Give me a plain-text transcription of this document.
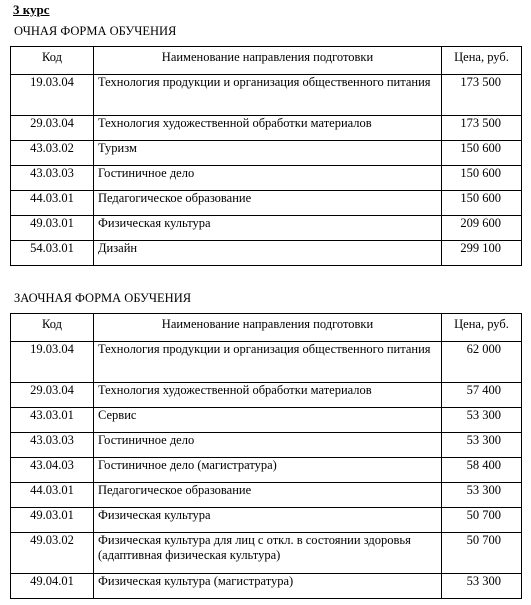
3 курс
ОЧНАЯ ФОРМА ОБУЧЕНИЯ
Код	Наименование направления подготовки	Цена, руб.
19.03.04	Технология продукции и организация общественного питания	173 500
29.03.04	Технология художественной обработки материалов	173 500
43.03.02	Туризм	150 600
43.03.03	Гостиничное дело	150 600
44.03.01	Педагогическое образование	150 600
49.03.01	Физическая культура	209 600
54.03.01	Дизайн	299 100
ЗАОЧНАЯ ФОРМА ОБУЧЕНИЯ
Код	Наименование направления подготовки	Цена, руб.
19.03.04	Технология продукции и организация общественного питания	62 000
29.03.04	Технология художественной обработки материалов	57 400
43.03.01	Сервис	53 300
43.03.03	Гостиничное дело	53 300
43.04.03	Гостиничное дело (магистратура)	58 400
44.03.01	Педагогическое образование	53 300
49.03.01	Физическая культура	50 700
49.03.02	Физическая культура для лиц с откл. в состоянии здоровья (адаптивная физическая культура)	50 700
49.04.01	Физическая культура (магистратура)	53 300
